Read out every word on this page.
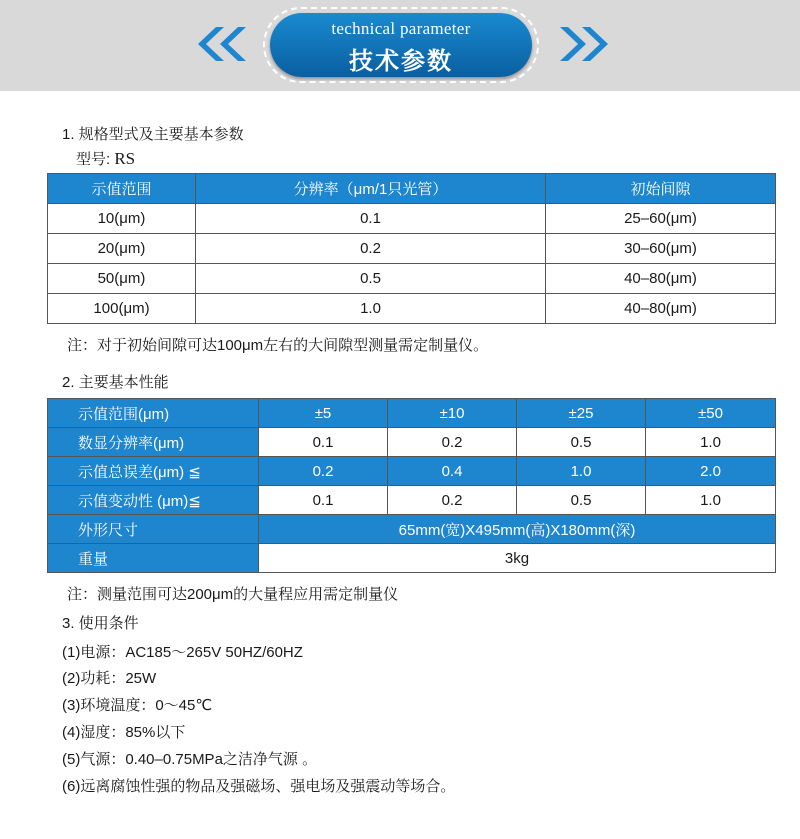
technical parameter
技术参数
1. 规格型式及主要基本参数
型号: RS
示值范围	分辨率（μm/1只光管）	初始间隙
10(μm)	0.1	25–60(μm)
20(μm)	0.2	30–60(μm)
50(μm)	0.5	40–80(μm)
100(μm)	1.0	40–80(μm)
注：对于初始间隙可达100μm左右的大间隙型测量需定制量仪。
2. 主要基本性能
示值范围(μm)	±5	±10	±25	±50
数显分辨率(μm)	0.1	0.2	0.5	1.0
示值总误差(μm) ≦	0.2	0.4	1.0	2.0
示值变动性 (μm)≦	0.1	0.2	0.5	1.0
外形尺寸	65mm(宽)X495mm(高)X180mm(深)			
重量	3kg			
注：测量范围可达200μm的大量程应用需定制量仪
3. 使用条件
(1)电源：AC185～265V 50HZ/60HZ
(2)功耗：25W
(3)环境温度：0～45℃
(4)湿度：85%以下
(5)气源：0.40–0.75MPa之洁净气源 。
(6)远离腐蚀性强的物品及强磁场、强电场及强震动等场合。
